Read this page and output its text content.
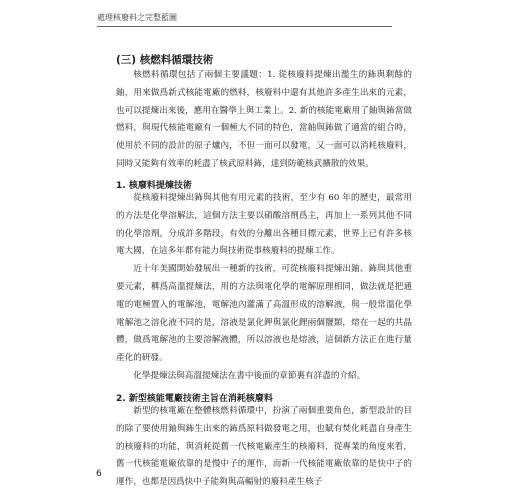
處理核廢料之完整藍圖
(三) 核燃料循環技術

核燃料循環包括了兩個主要議題：1. 從核廢料提煉出濫生的鈽與剩餘的鈾，用來做爲新式核能電廠的燃料，核廢料中還有其他許多產生出來的元素，也可以提煉出來後，應用在醫學上與工業上。2. 新的核能電廠用了鈾與鈽當做燃料，與現代核能電廠有一個極大不同的特色，當鈾與鈽做了適當的組合時，使用於不同的設計的原子爐內，不但一面可以發電，又一面可以消耗核廢料，同時又能夠有效率的耗盡了核武原料鈽，達到防範核武擴散的效果。

1. 核廢料提煉技術

從核廢料提煉出鈽與其他有用元素的技術，至少有 60 年的歷史，最常用的方法是化學溶解法，這個方法主要以硝酸溶劑爲主，再加上一系列其他不同的化學溶劑，分成許多階段，有效的分離出各種目標元素，世界上已有許多核電大國，在這多年都有能力與技術從事核廢料的提煉工作。

近十年美國開始發展出一種新的技術，可從核廢料提煉出鈾、鈽與其他重要元素，稱爲高溫提煉法，用的方法與電化學的電解原理相同，做法就是把通電的電極置入的電解池，電解池內灌滿了高溫形成的溶解液，與一般常溫化學電解池之溶化液不同的是，溶液是氯化鉀與氯化鋰兩個鹽類，熔在一起的共晶體，做爲電解池的主要溶解液體，所以溶液也是熔液，這個新方法正在進行量產化的研發。

化學提煉法與高溫提煉法在書中後面的章節裏有詳盡的介紹。

2. 新型核能電廠技術主旨在消耗核廢料

新型的核電廠在整體核燃料循環中，扮演了兩個重要角色，新型設計的目的除了要使用鈾與鈽生出來的鈽爲原料做發電之用，也賦有焚化耗盡自身產生的核廢料的功能，與消耗從舊一代核電廠產生的核廢料，從專業的角度來看，舊一代核能電廠依靠的是慢中子的運作，而新一代核能電廠依靠的是快中子的運作，也都是因爲快中子能夠與高輻射的廢料產生核子

6
